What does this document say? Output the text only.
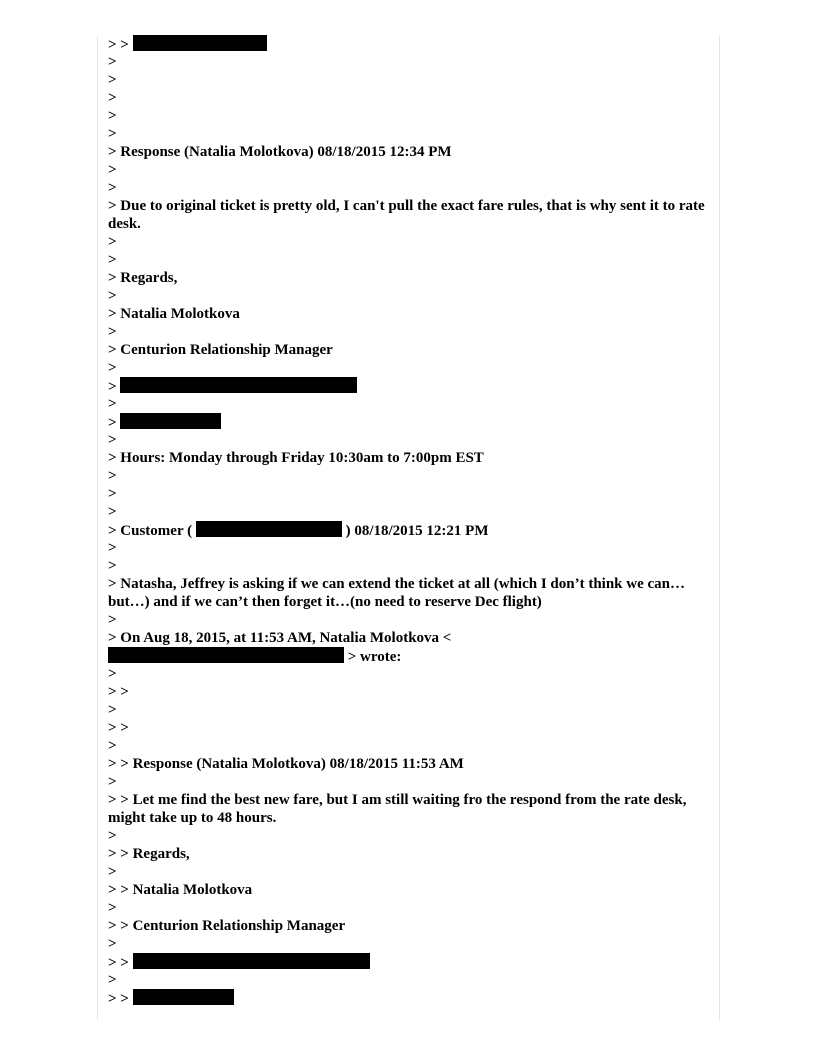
> >
>
>
>
>
>
> Response (Natalia Molotkova) 08/18/2015 12:34 PM
>
>
> Due to original ticket is pretty old, I can't pull the exact fare rules, that is why sent it to rate desk.
>
>
> Regards,
>
> Natalia Molotkova
>
> Centurion Relationship Manager
>
>
>
>
>
> Hours: Monday through Friday 10:30am to 7:00pm EST
>
>
>
> Customer (	) 08/18/2015 12:21 PM
>
>
> Natasha, Jeffrey is asking if we can extend the ticket at all (which I don’t think we can…but…) and if we can’t then forget it…(no need to reserve Dec flight)
>
> On Aug 18, 2015, at 11:53 AM, Natalia Molotkova <
> wrote:
>
> >
>
> >
>
> > Response (Natalia Molotkova) 08/18/2015 11:53 AM
>
> > Let me find the best new fare, but I am still waiting fro the respond from the rate desk, might take up to 48 hours.
>
> > Regards,
>
> > Natalia Molotkova
>
> > Centurion Relationship Manager
>
> >
>
> >
